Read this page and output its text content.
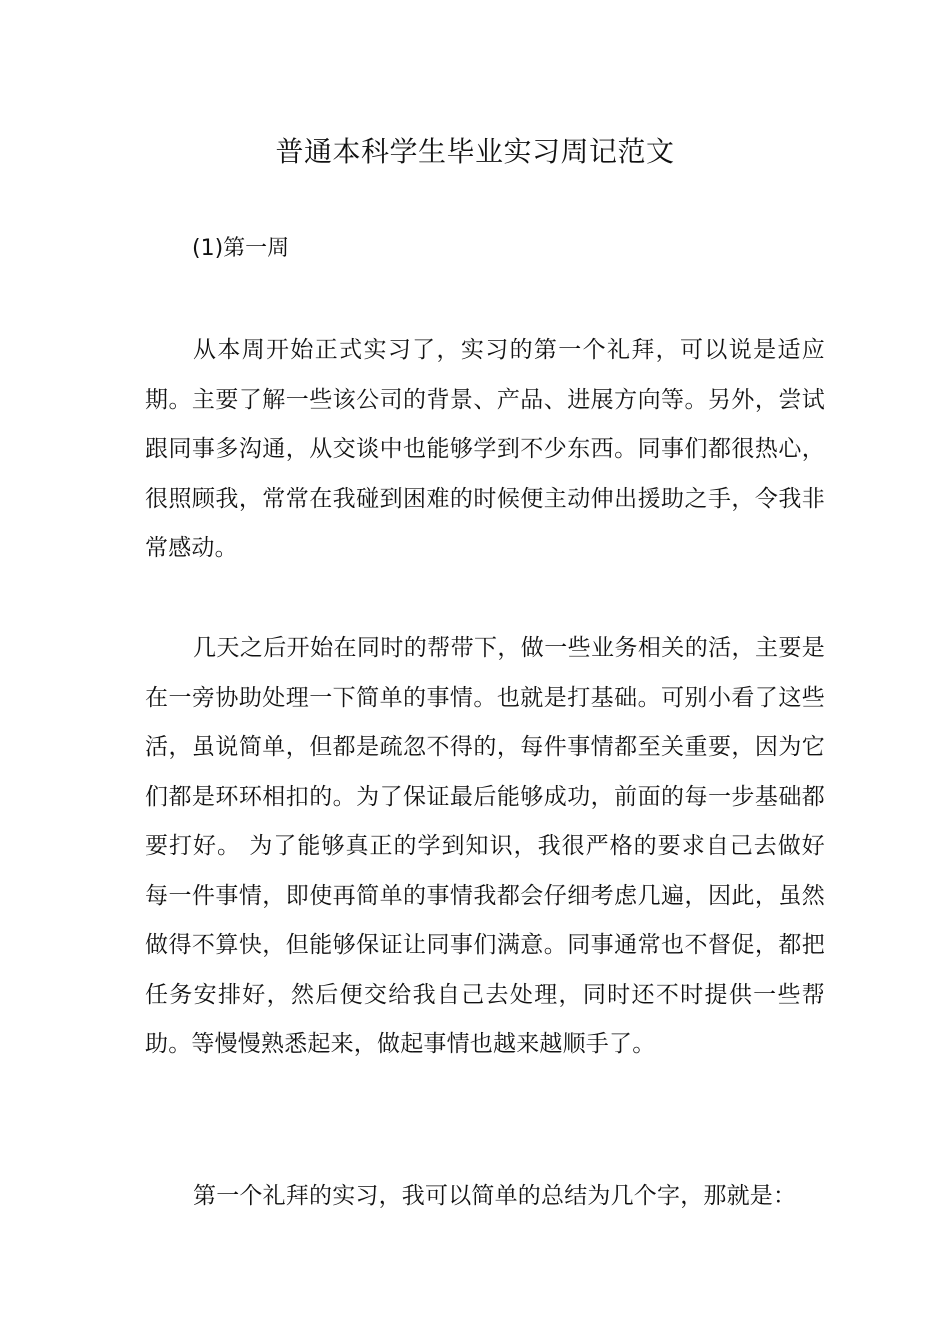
普通本科学生毕业实习周记范文

(1)第一周

从本周开始正式实习了，实习的第一个礼拜，可以说是适应期。主要了解一些该公司的背景、产品、进展方向等。另外，尝试跟同事多沟通，从交谈中也能够学到不少东西。同事们都很热心，很照顾我，常常在我碰到困难的时候便主动伸出援助之手，令我非常感动。

几天之后开始在同时的帮带下，做一些业务相关的活，主要是在一旁协助处理一下简单的事情。也就是打基础。可别小看了这些活，虽说简单，但都是疏忽不得的，每件事情都至关重要，因为它们都是环环相扣的。为了保证最后能够成功，前面的每一步基础都要打好。 为了能够真正的学到知识，我很严格的要求自己去做好每一件事情，即使再简单的事情我都会仔细考虑几遍，因此，虽然做得不算快，但能够保证让同事们满意。同事通常也不督促，都把任务安排好，然后便交给我自己去处理，同时还不时提供一些帮助。等慢慢熟悉起来，做起事情也越来越顺手了。

第一个礼拜的实习，我可以简单的总结为几个字，那就是：
